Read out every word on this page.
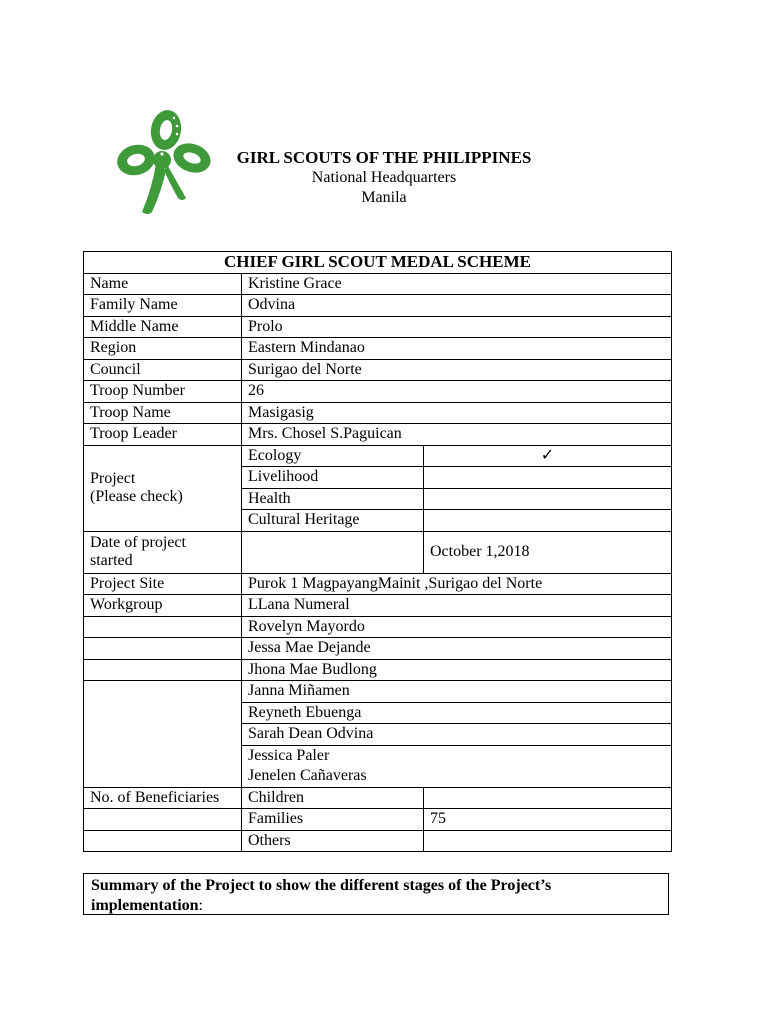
GIRL SCOUTS OF THE PHILIPPINES
National Headquarters
Manila
CHIEF GIRL SCOUT MEDAL SCHEME		
Name	Kristine Grace	
Family Name	Odvina	
Middle Name	Prolo	
Region	Eastern Mindanao	
Council	Surigao del Norte	
Troop Number	26	
Troop Name	Masigasig	
Troop Leader	Mrs. Chosel S.Paguican	

Project
(Please check)	Ecology	✓
	Livelihood	
	Health	
	Cultural Heritage	

Date of project
started		October 1,2018
Project Site	Purok 1 MagpayangMainit ,Surigao del Norte	
Workgroup	LLana Numeral	
	Rovelyn Mayordo	
	Jessa Mae Dejande	
	Jhona Mae Budlong	
	Janna Miñamen	
	Reyneth Ebuenga	
	Sarah Dean Odvina	
	Jessica Paler	
	Jenelen Cañaveras	
No. of Beneficiaries	Children	
	Families	75
	Others	
Summary of the Project to show the different stages of the Project’s implementation:
